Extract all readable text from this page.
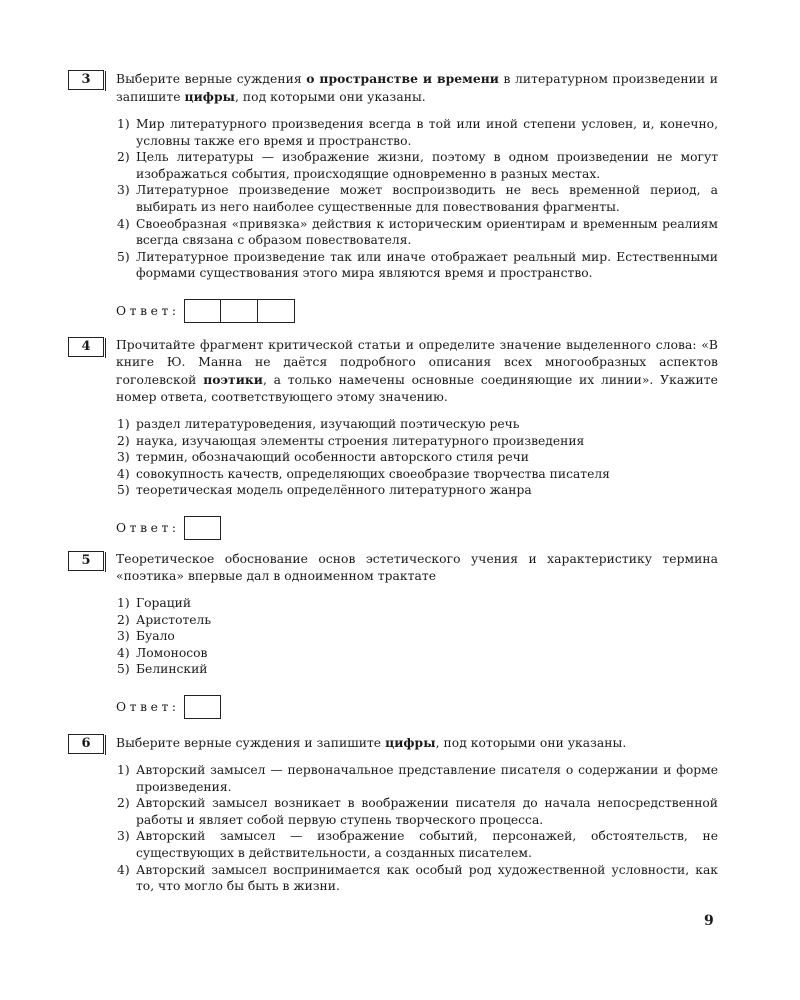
3	Выберите верные суждения о пространстве и времени в литературном произведении и запишите цифры, под которыми они указаны.
1) Мир литературного произведения всегда в той или иной степени условен, и, конечно, условны также его время и пространство.
2) Цель литературы — изображение жизни, поэтому в одном произведении не могут изображаться события, происходящие одновременно в разных местах.
3) Литературное произведение может воспроизводить не весь временной период, а выбирать из него наиболее существенные для повествования фрагменты.
4) Своеобразная «привязка» действия к историческим ориентирам и временным реалиям всегда связана с образом повествователя.
5) Литературное произведение так или иначе отображает реальный мир. Естественными формами существования этого мира являются время и пространство.
Ответ:
4	Прочитайте фрагмент критической статьи и определите значение выделенного слова: «В книге Ю. Манна не даётся подробного описания всех многообразных аспектов гоголевской поэтики, а только намечены основные соединяющие их линии». Укажите номер ответа, соответствующего этому значению.
1) раздел литературоведения, изучающий поэтическую речь
2) наука, изучающая элементы строения литературного произведения
3) термин, обозначающий особенности авторского стиля речи
4) совокупность качеств, определяющих своеобразие творчества писателя
5) теоретическая модель определённого литературного жанра
Ответ:
5	Теоретическое обоснование основ эстетического учения и характеристику термина «поэтика» впервые дал в одноименном трактате
1) Гораций
2) Аристотель
3) Буало
4) Ломоносов
5) Белинский
Ответ:
6	Выберите верные суждения и запишите цифры, под которыми они указаны.
1) Авторский замысел — первоначальное представление писателя о содержании и форме произведения.
2) Авторский замысел возникает в воображении писателя до начала непосредственной работы и являет собой первую ступень творческого процесса.
3) Авторский замысел — изображение событий, персонажей, обстоятельств, не существующих в действительности, а созданных писателем.
4) Авторский замысел воспринимается как особый род художественной условности, как то, что могло бы быть в жизни.
9
